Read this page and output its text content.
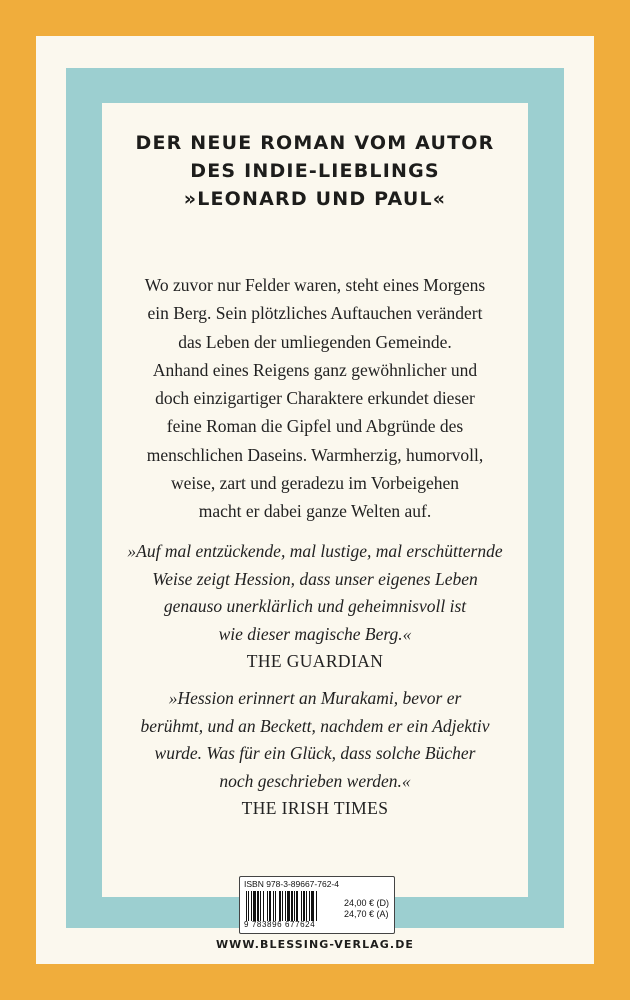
DER NEUE ROMAN VOM AUTOR
DES INDIE-LIEBLINGS
»LEONARD UND PAUL«
Wo zuvor nur Felder waren, steht eines Morgens
ein Berg. Sein plötzliches Auftauchen verändert
das Leben der umliegenden Gemeinde.
Anhand eines Reigens ganz gewöhnlicher und
doch einzigartiger Charaktere erkundet dieser
feine Roman die Gipfel und Abgründe des
menschlichen Daseins. Warmherzig, humorvoll,
weise, zart und geradezu im Vorbeigehen
macht er dabei ganze Welten auf.
»Auf mal entzückende, mal lustige, mal erschütternde
Weise zeigt Hession, dass unser eigenes Leben
genauso unerklärlich und geheimnisvoll ist
wie dieser magische Berg.«
THE GUARDIAN
»Hession erinnert an Murakami, bevor er
berühmt, und an Beckett, nachdem er ein Adjektiv
wurde. Was für ein Glück, dass solche Bücher
noch geschrieben werden.«
THE IRISH TIMES
ISBN 978-3-89667-762-4
9 783896 677624
24,00 € (D)
24,70 € (A)
WWW.BLESSING-VERLAG.DE
